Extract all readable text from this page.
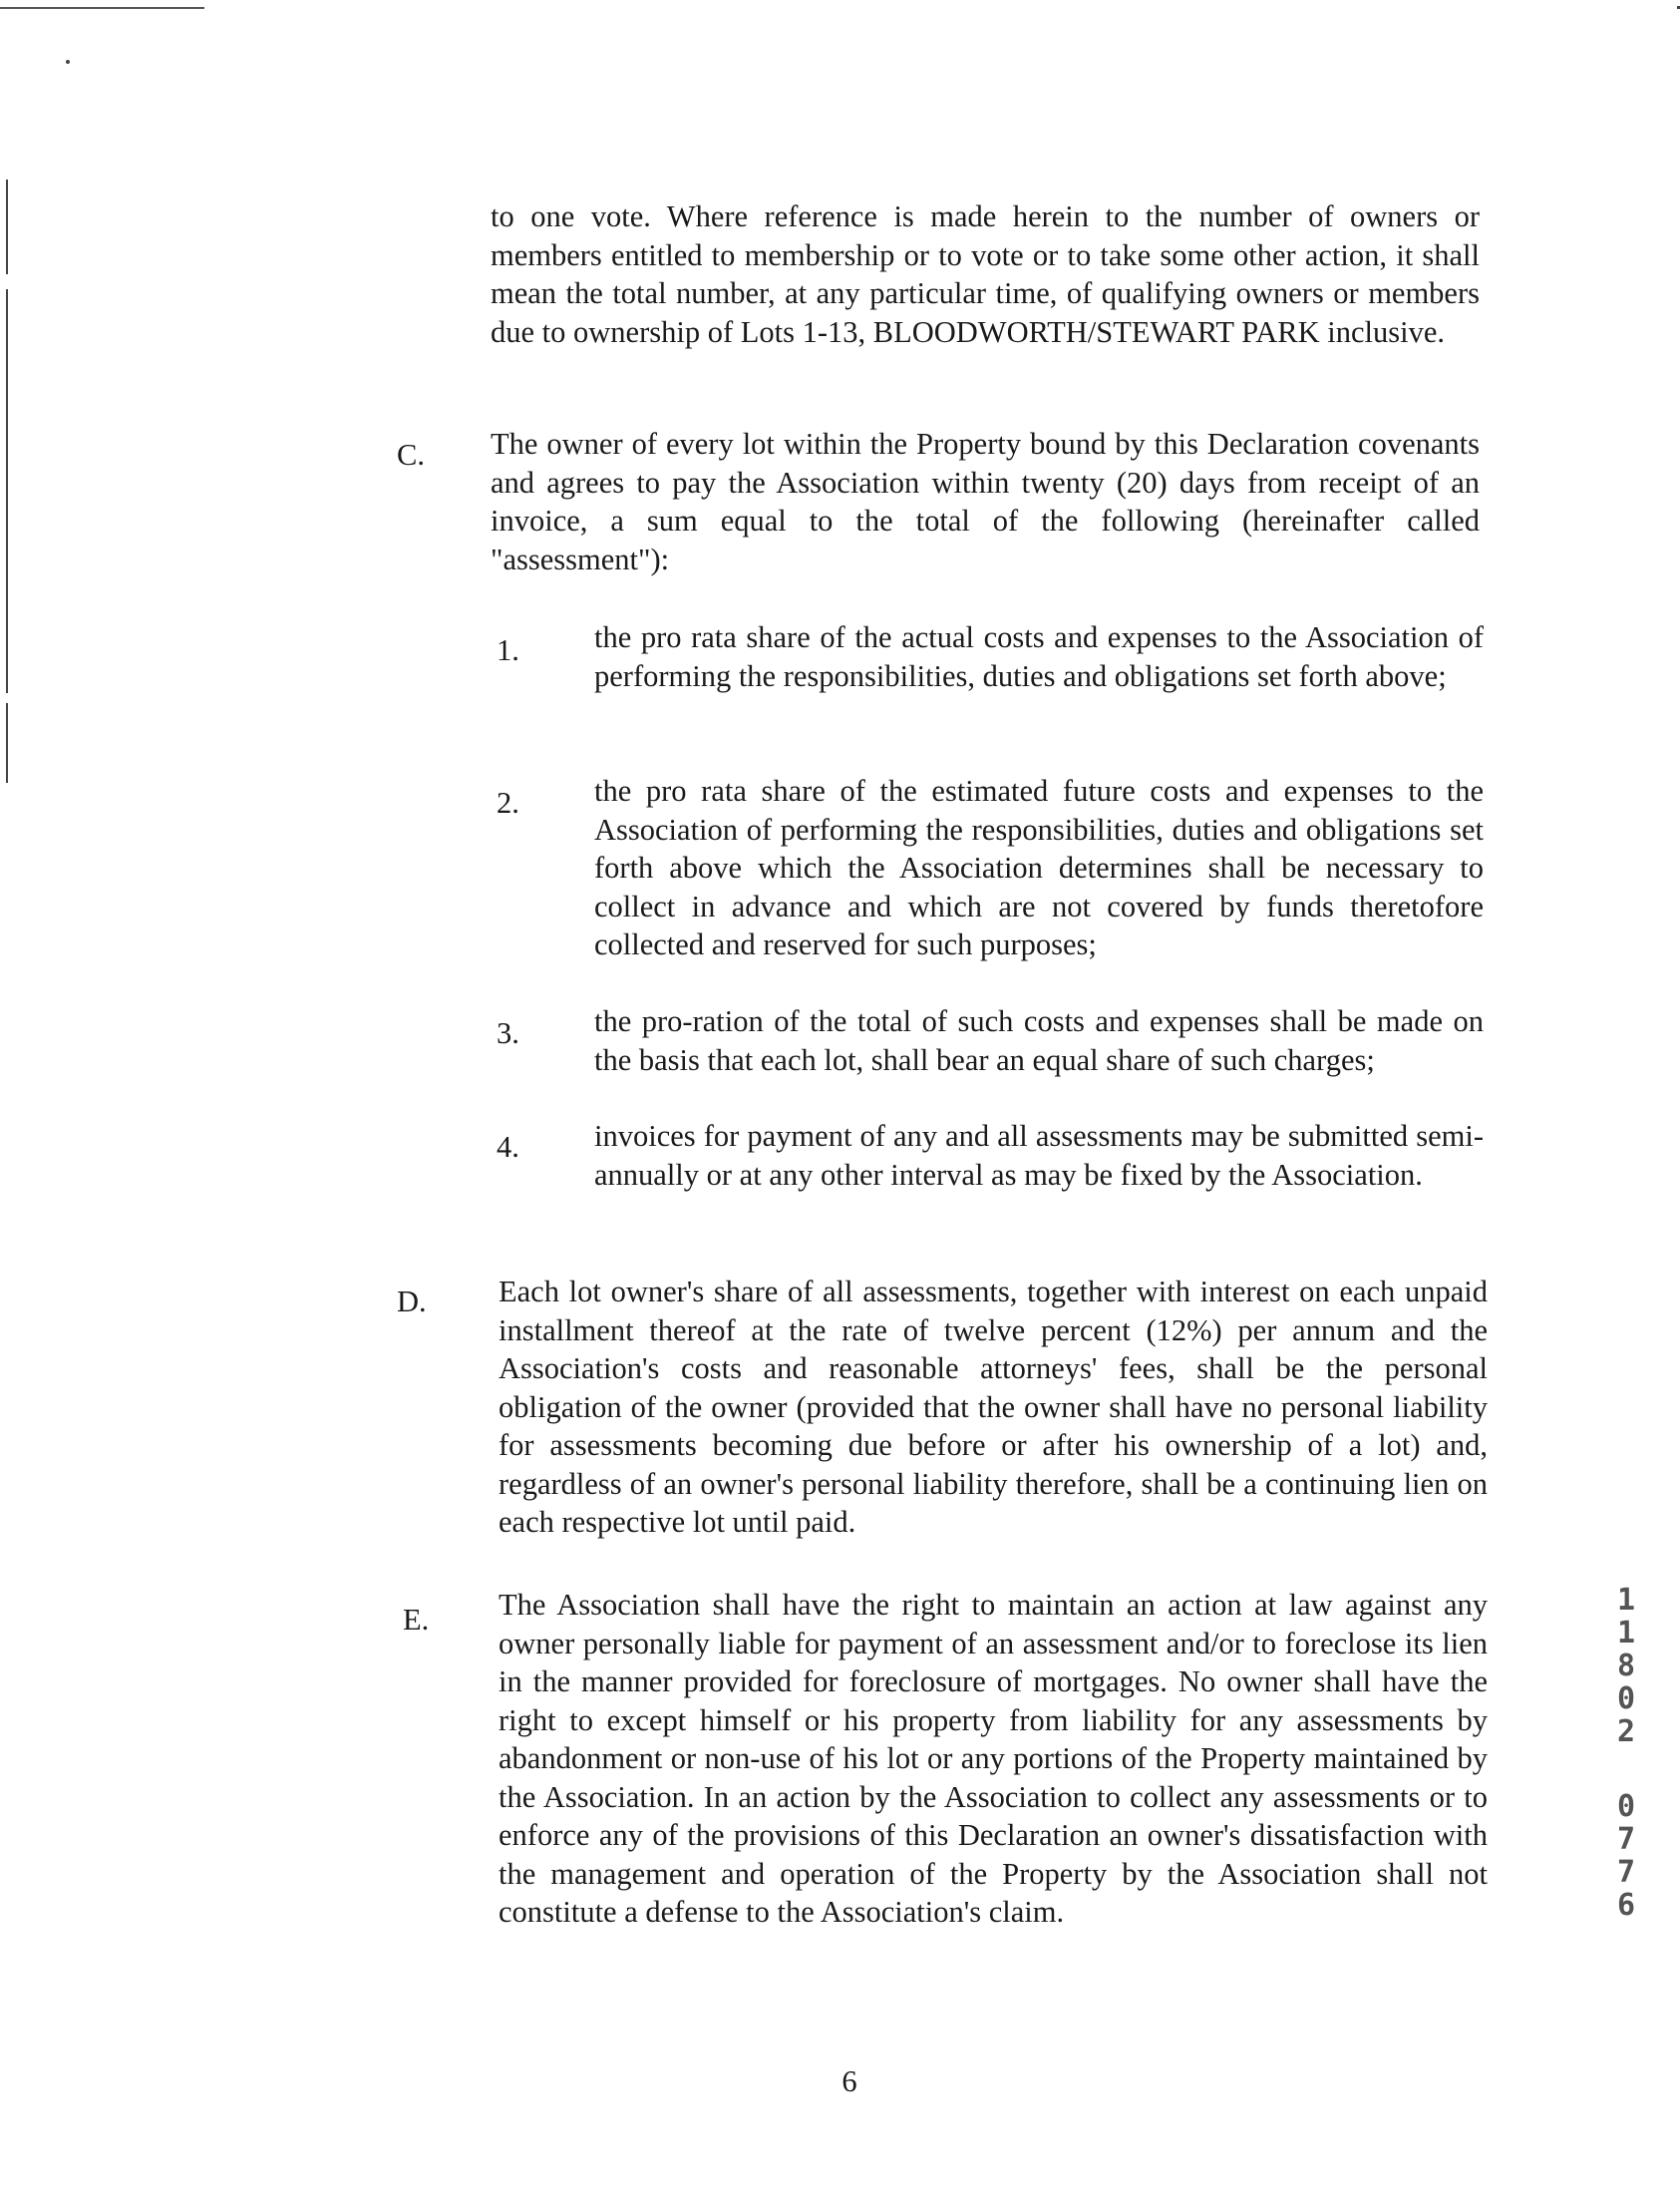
to one vote. Where reference is made herein to the number of owners or members entitled to membership or to vote or to take some other action, it shall mean the total number, at any particular time, of qualifying owners or members due to ownership of Lots 1-13, BLOODWORTH/STEWART PARK inclusive.

C. The owner of every lot within the Property bound by this Declaration covenants and agrees to pay the Association within twenty (20) days from receipt of an invoice, a sum equal to the total of the following (hereinafter called "assessment"):

1. the pro rata share of the actual costs and expenses to the Association of performing the responsibilities, duties and obligations set forth above;

2. the pro rata share of the estimated future costs and expenses to the Association of performing the responsibilities, duties and obligations set forth above which the Association determines shall be necessary to collect in advance and which are not covered by funds theretofore collected and reserved for such purposes;

3. the pro-ration of the total of such costs and expenses shall be made on the basis that each lot, shall bear an equal share of such charges;

4. invoices for payment of any and all assessments may be submitted semi-annually or at any other interval as may be fixed by the Association.

D. Each lot owner's share of all assessments, together with interest on each unpaid installment thereof at the rate of twelve percent (12%) per annum and the Association's costs and reasonable attorneys' fees, shall be the personal obligation of the owner (provided that the owner shall have no personal liability for assessments becoming due before or after his ownership of a lot) and, regardless of an owner's personal liability therefore, shall be a continuing lien on each respective lot until paid.

E. The Association shall have the right to maintain an action at law against any owner personally liable for payment of an assessment and/or to foreclose its lien in the manner provided for foreclosure of mortgages. No owner shall have the right to except himself or his property from liability for any assessments by abandonment or non-use of his lot or any portions of the Property maintained by the Association. In an action by the Association to collect any assessments or to enforce any of the provisions of this Declaration an owner's dissatisfaction with the management and operation of the Property by the Association shall not constitute a defense to the Association's claim.

1
1
8
0
2
0
7
7
6

6
